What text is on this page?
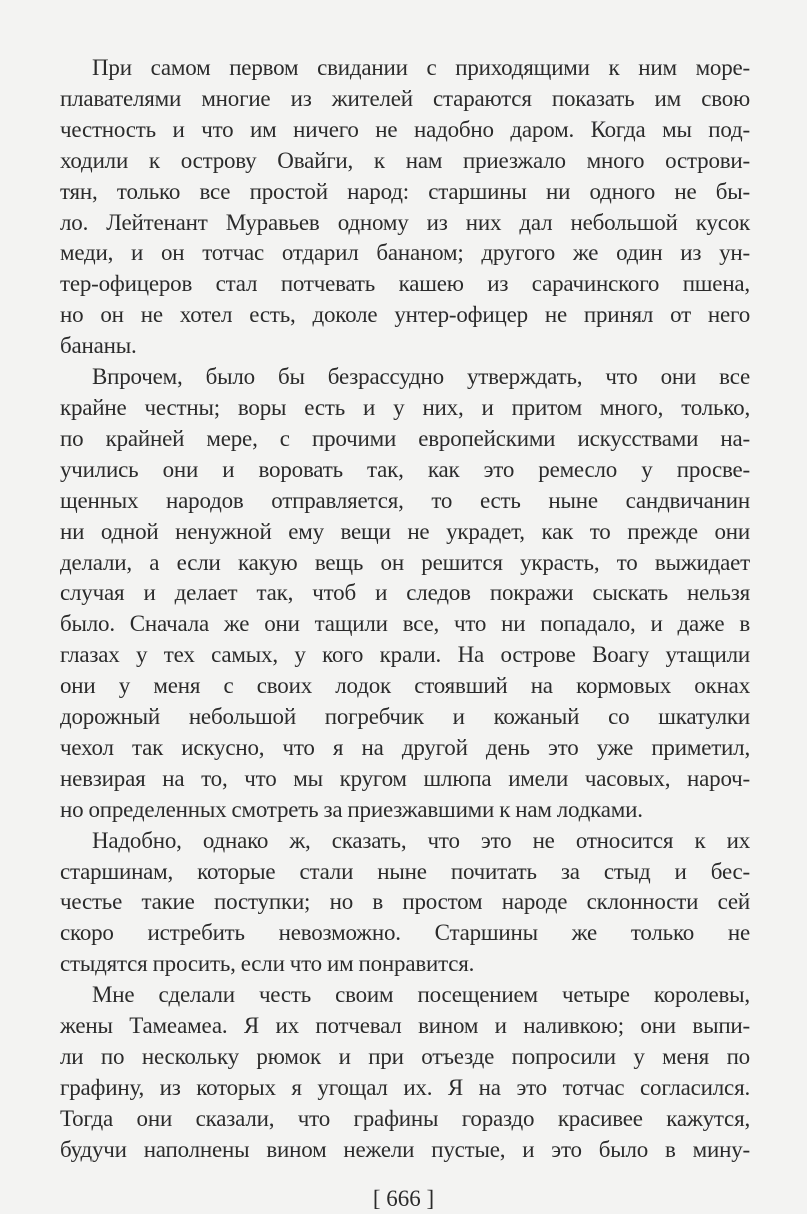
При самом первом свидании с приходящими к ним море-
плавателями многие из жителей стараются показать им свою
честность и что им ничего не надобно даром. Когда мы под-
ходили к острову Овайги, к нам приезжало много острови-
тян, только все простой народ: старшины ни одного не бы-
ло. Лейтенант Муравьев одному из них дал небольшой кусок
меди, и он тотчас отдарил бананом; другого же один из ун-
тер-офицеров стал потчевать кашею из сарачинского пшена,
но он не хотел есть, доколе унтер-офицер не принял от него
бананы.
Впрочем, было бы безрассудно утверждать, что они все
крайне честны; воры есть и у них, и притом много, только,
по крайней мере, с прочими европейскими искусствами на-
учились они и воровать так, как это ремесло у просве-
щенных народов отправляется, то есть ныне сандвичанин
ни одной ненужной ему вещи не украдет, как то прежде они
делали, а если какую вещь он решится украсть, то выжидает
случая и делает так, чтоб и следов покражи сыскать нельзя
было. Сначала же они тащили все, что ни попадало, и даже в
глазах у тех самых, у кого крали. На острове Воагу утащили
они у меня с своих лодок стоявший на кормовых окнах
дорожный небольшой погребчик и кожаный со шкатулки
чехол так искусно, что я на другой день это уже приметил,
невзирая на то, что мы кругом шлюпа имели часовых, нароч-
но определенных смотреть за приезжавшими к нам лодками.
Надобно, однако ж, сказать, что это не относится к их
старшинам, которые стали ныне почитать за стыд и бес-
честье такие поступки; но в простом народе склонности сей
скоро истребить невозможно. Старшины же только не
стыдятся просить, если что им понравится.
Мне сделали честь своим посещением четыре королевы,
жены Тамеамеа. Я их потчевал вином и наливкою; они выпи-
ли по нескольку рюмок и при отъезде попросили у меня по
графину, из которых я угощал их. Я на это тотчас согласился.
Тогда они сказали, что графины гораздо красивее кажутся,
будучи наполнены вином нежели пустые, и это было в мину-
[ 666 ]
